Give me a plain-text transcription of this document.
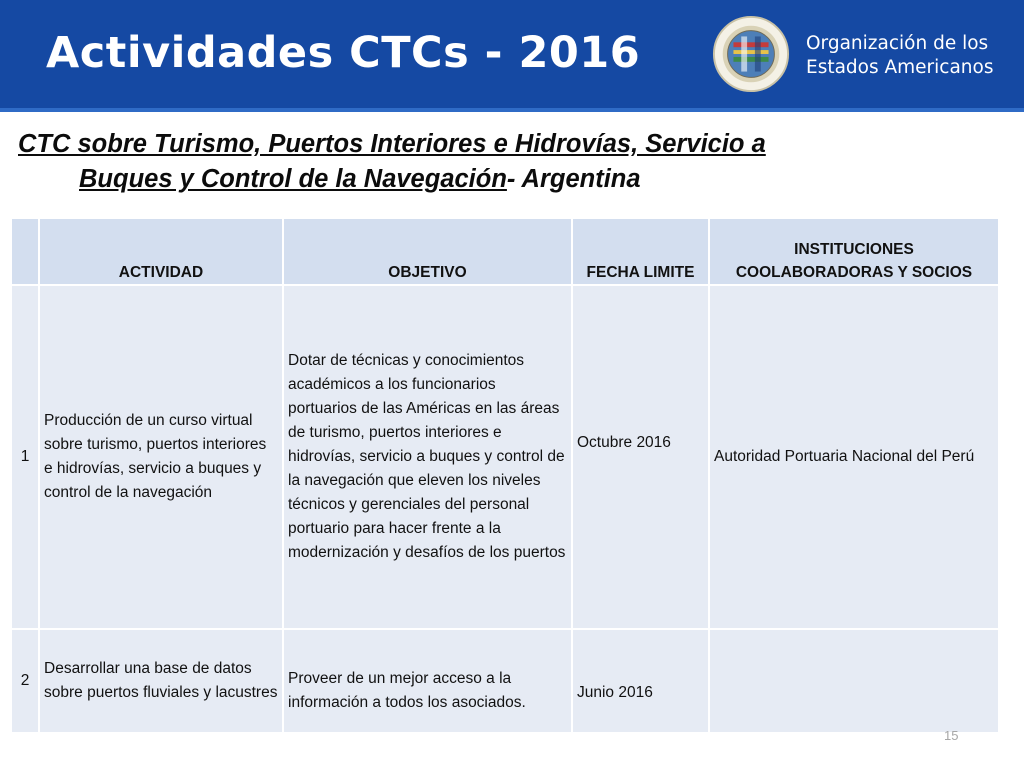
Actividades CTCs - 2016	Organización de los
Estados Americanos
CTC sobre Turismo, Puertos Interiores e Hidrovías, Servicio a
Buques y Control de la Navegación- Argentina
	ACTIVIDAD	OBJETIVO	FECHA LIMITE	INSTITUCIONES
COOLABORADORAS Y SOCIOS
1	Producción de un curso virtual sobre turismo, puertos interiores e hidrovías, servicio a buques y control de la navegación	Dotar de técnicas y conocimientos académicos a los funcionarios portuarios de las Américas en las áreas de turismo, puertos interiores e hidrovías, servicio a buques y control de la navegación que eleven los niveles técnicos y gerenciales del personal portuario para hacer frente a la modernización y desafíos de los puertos	Octubre 2016	Autoridad Portuaria Nacional del Perú
2	Desarrollar una base de datos sobre puertos fluviales y lacustres	Proveer de un mejor acceso a la información a todos los asociados.	Junio 2016	

15
